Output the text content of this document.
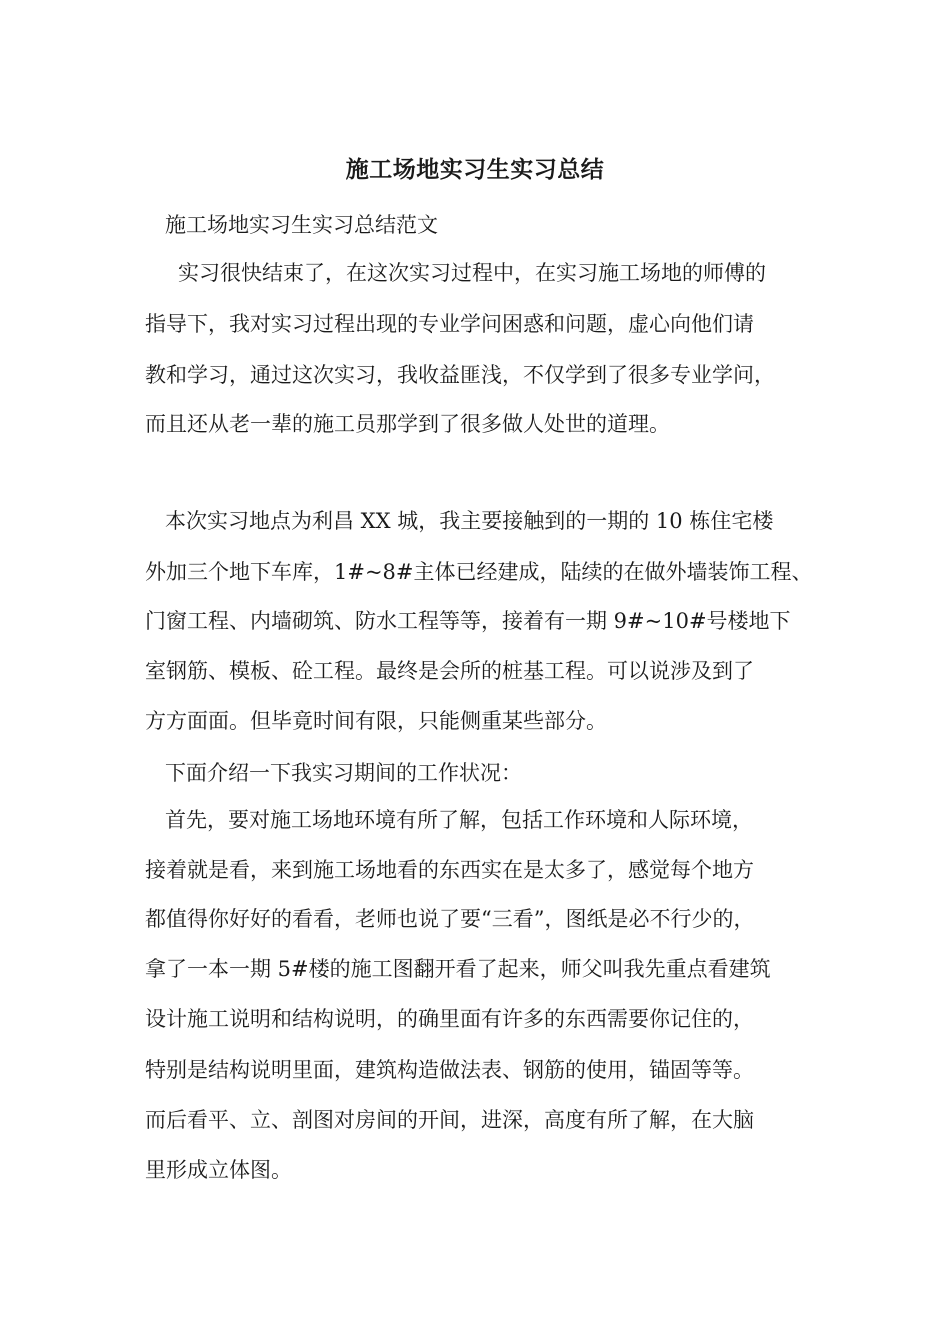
施工场地实习生实习总结
施工场地实习生实习总结范文
实习很快结束了，在这次实习过程中，在实习施工场地的师傅的
指导下，我对实习过程出现的专业学问困惑和问题，虚心向他们请
教和学习，通过这次实习，我收益匪浅，不仅学到了很多专业学问，
而且还从老一辈的施工员那学到了很多做人处世的道理。
本次实习地点为利昌 XX 城，我主要接触到的一期的 10 栋住宅楼
外加三个地下车库，1#~8#主体已经建成，陆续的在做外墙装饰工程、
门窗工程、内墙砌筑、防水工程等等，接着有一期 9#~10#号楼地下
室钢筋、模板、砼工程。最终是会所的桩基工程。可以说涉及到了
方方面面。但毕竟时间有限，只能侧重某些部分。
下面介绍一下我实习期间的工作状况：
首先，要对施工场地环境有所了解，包括工作环境和人际环境，
接着就是看，来到施工场地看的东西实在是太多了，感觉每个地方
都值得你好好的看看，老师也说了要“三看”，图纸是必不行少的，
拿了一本一期 5#楼的施工图翻开看了起来，师父叫我先重点看建筑
设计施工说明和结构说明，的确里面有许多的东西需要你记住的，
特别是结构说明里面，建筑构造做法表、钢筋的使用，锚固等等。
而后看平、立、剖图对房间的开间，进深，高度有所了解，在大脑
里形成立体图。
